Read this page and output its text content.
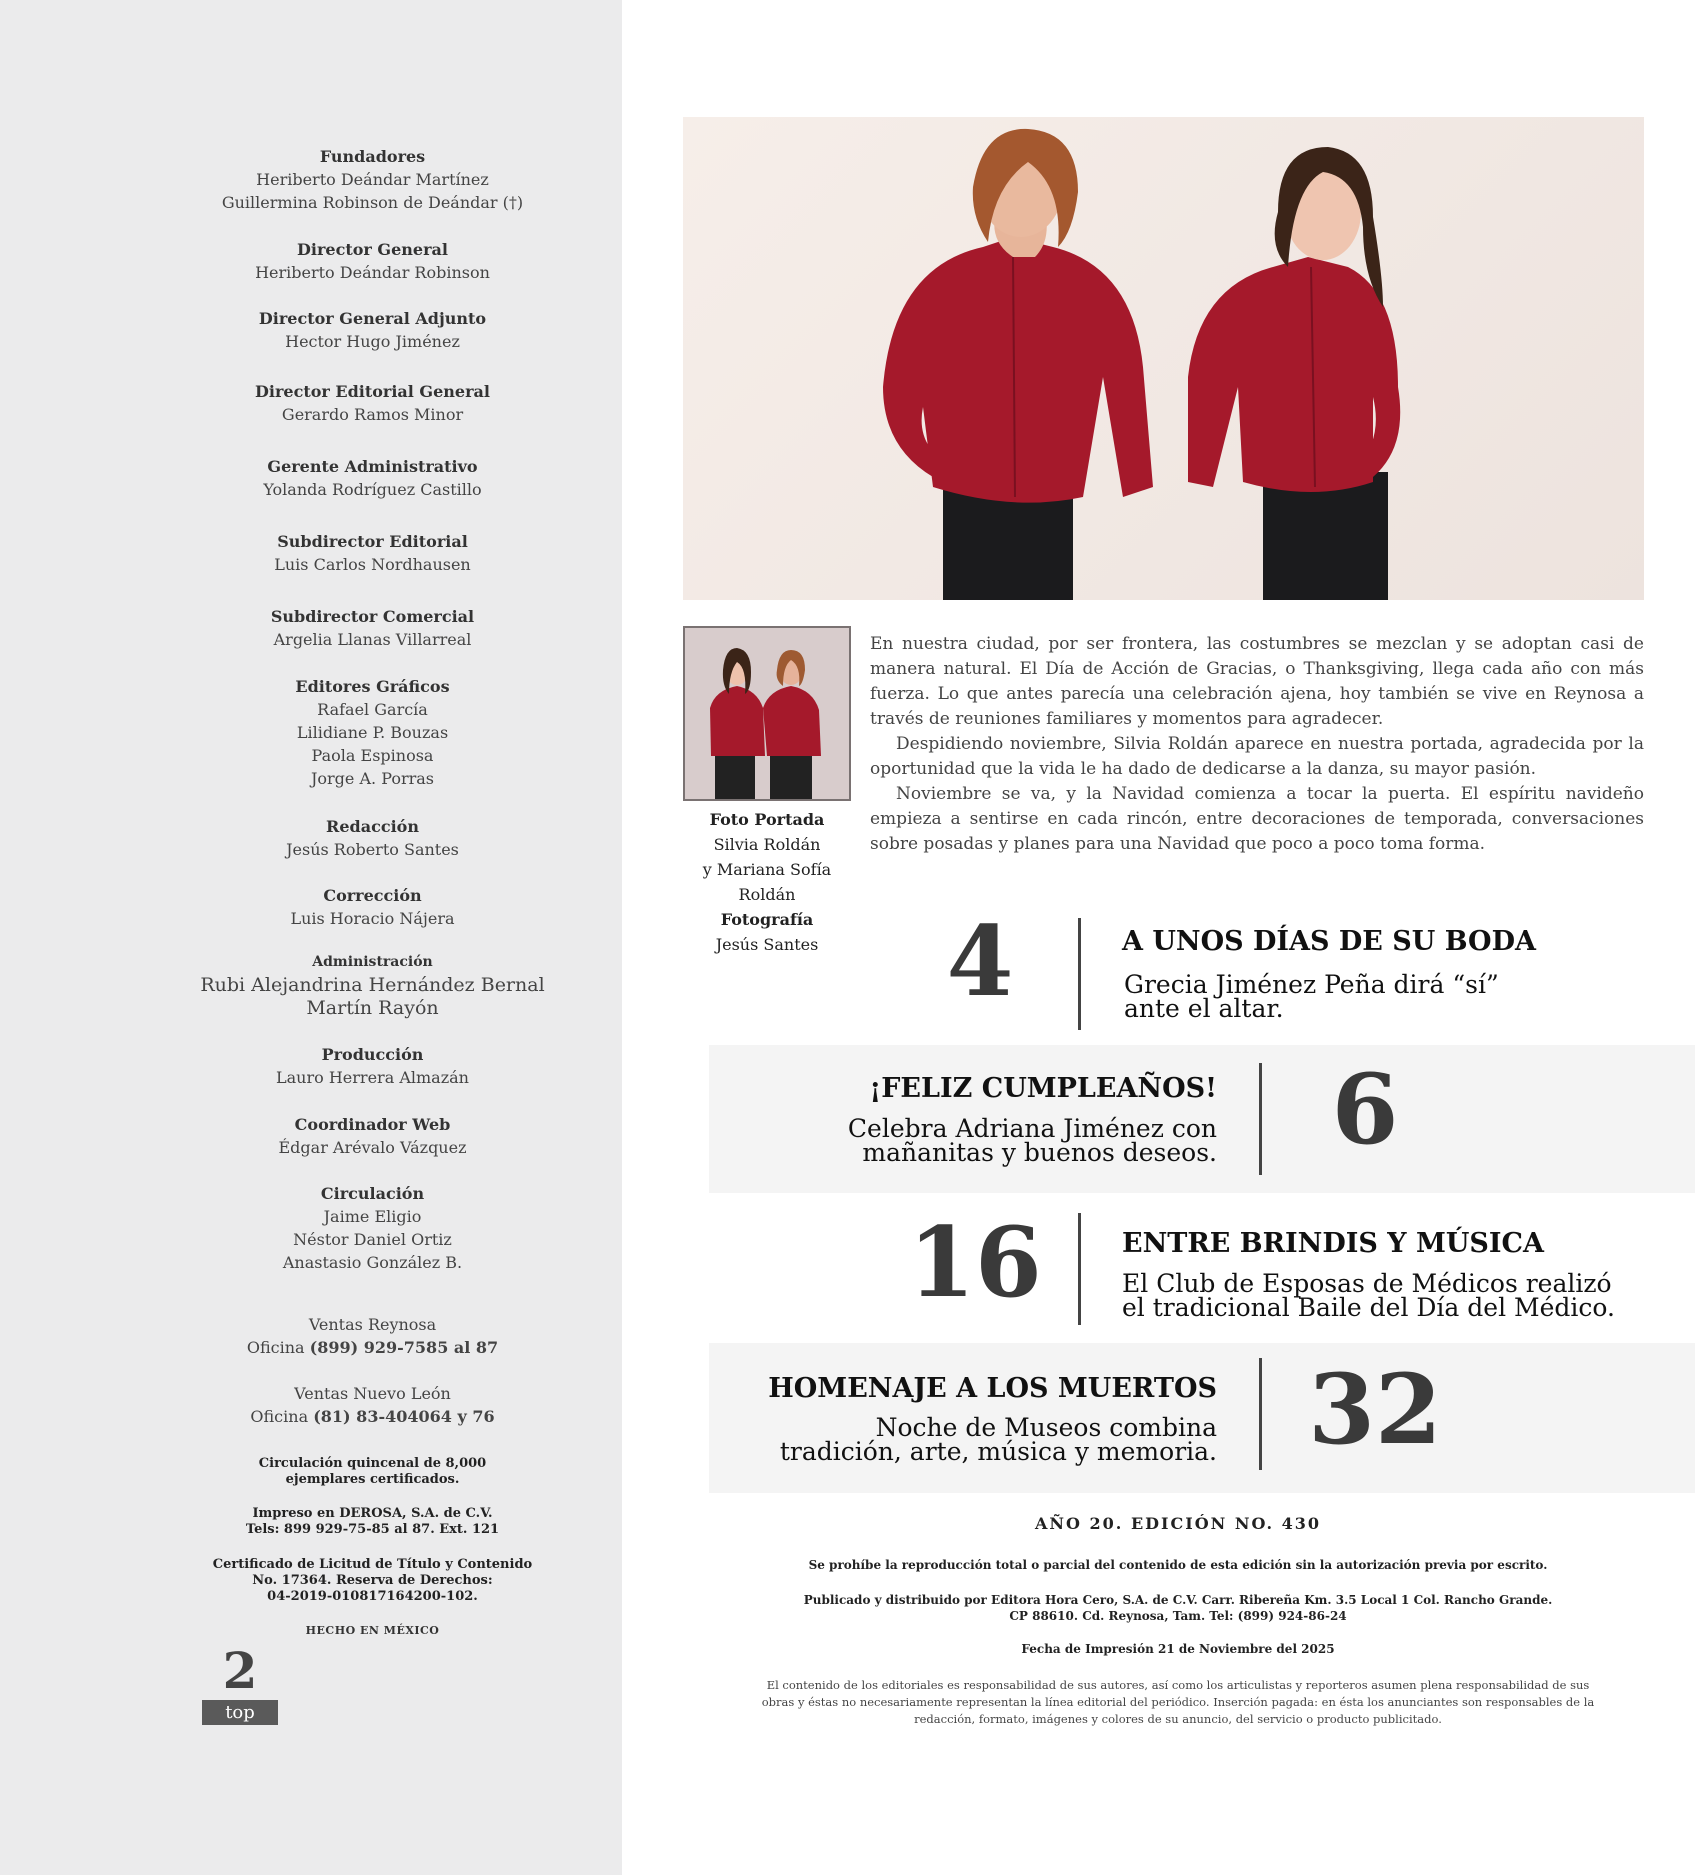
Fundadores
Heriberto Deándar Martínez
Guillermina Robinson de Deándar (†)
Director General
Heriberto Deándar Robinson
Director General Adjunto
Hector Hugo Jiménez
Director Editorial General
Gerardo Ramos Minor
Gerente Administrativo
Yolanda Rodríguez Castillo
Subdirector Editorial
Luis Carlos Nordhausen
Subdirector Comercial
Argelia Llanas Villarreal
Editores Gráficos
Rafael García
Lilidiane P. Bouzas
Paola Espinosa
Jorge A. Porras
Redacción
Jesús Roberto Santes
Corrección
Luis Horacio Nájera
Administración
Rubi Alejandrina Hernández Bernal
Martín Rayón
Producción
Lauro Herrera Almazán
Coordinador Web
Édgar Arévalo Vázquez
Circulación
Jaime Eligio
Néstor Daniel Ortiz
Anastasio González B.
Ventas Reynosa
Oficina (899) 929-7585 al 87
Ventas Nuevo León
Oficina (81) 83-404064 y 76
Circulación quincenal de 8,000
ejemplares certificados.
Impreso en DEROSA, S.A. de C.V.
Tels: 899 929-75-85 al 87. Ext. 121
Certificado de Licitud de Título y Contenido
No. 17364. Reserva de Derechos:
04-2019-010817164200-102.
HECHO EN MÉXICO
2
top
Foto Portada
Silvia Roldán
y Mariana Sofía
Roldán
Fotografía
Jesús Santes

En nuestra ciudad, por ser frontera, las costumbres se mezclan y se adoptan casi de manera natural. El Día de Acción de Gracias, o Thanksgiving, llega cada año con más fuerza. Lo que antes parecía una celebración ajena, hoy también se vive en Reynosa a través de reuniones familiares y momentos para agradecer.

Despidiendo noviembre, Silvia Roldán aparece en nuestra portada, agradecida por la oportunidad que la vida le ha dado de dedicarse a la danza, su mayor pasión.

Noviembre se va, y la Navidad comienza a tocar la puerta. El espíritu navideño empieza a sentirse en cada rincón, entre decoraciones de temporada, conversaciones sobre posadas y planes para una Navidad que poco a poco toma forma.

4	A UNOS DÍAS DE SU BODA
Grecia Jiménez Peña dirá “sí”
ante el altar.
¡FELIZ CUMPLEAÑOS!
Celebra Adriana Jiménez con
mañanitas y buenos deseos.	6
16	ENTRE BRINDIS Y MÚSICA
El Club de Esposas de Médicos realizó
el tradicional Baile del Día del Médico.
HOMENAJE A LOS MUERTOS
Noche de Museos combina
tradición, arte, música y memoria. 32
AÑO 20. EDICIÓN NO. 430
Se prohíbe la reproducción total o parcial del contenido de esta edición sin la autorización previa por escrito.
Publicado y distribuido por Editora Hora Cero, S.A. de C.V. Carr. Ribereña Km. 3.5 Local 1 Col. Rancho Grande.
CP 88610. Cd. Reynosa, Tam. Tel: (899) 924-86-24
Fecha de Impresión 21 de Noviembre del 2025
El contenido de los editoriales es responsabilidad de sus autores, así como los articulistas y reporteros asumen plena responsabilidad de sus
obras y éstas no necesariamente representan la línea editorial del periódico. Inserción pagada: en ésta los anunciantes son responsables de la
redacción, formato, imágenes y colores de su anuncio, del servicio o producto publicitado.
